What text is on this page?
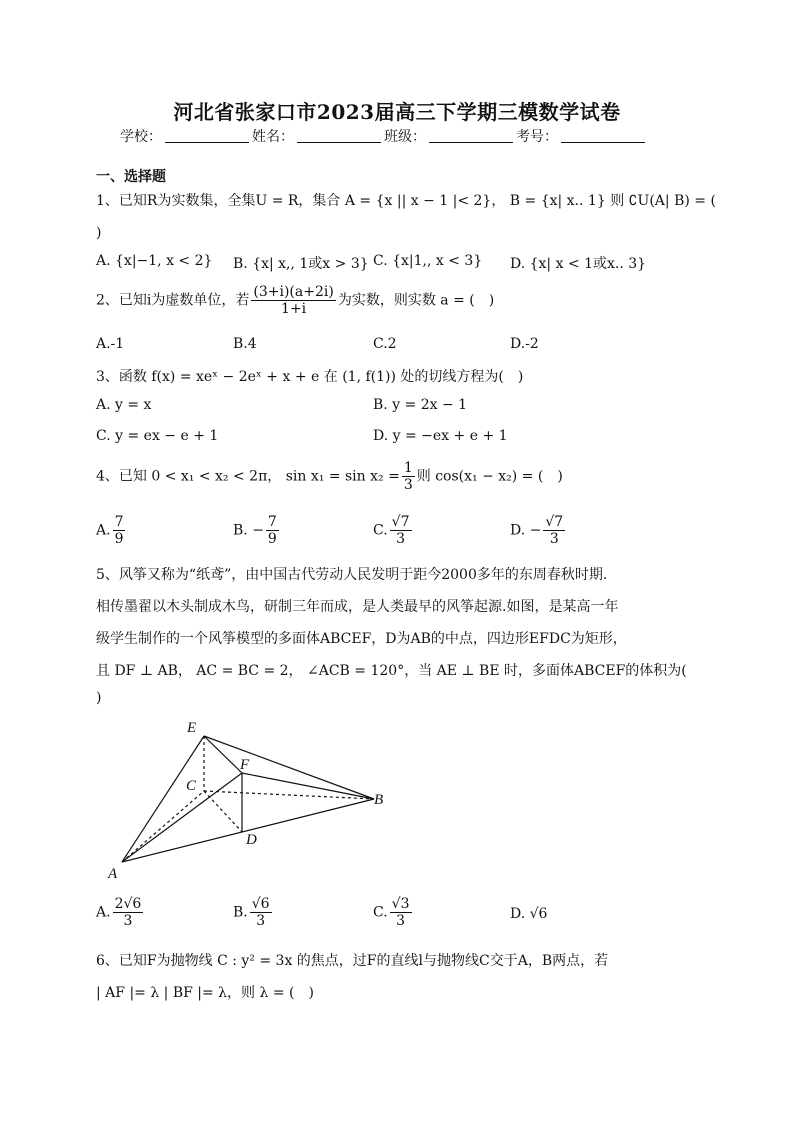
河北省张家口市2023届高三下学期三模数学试卷
学校：	姓名：	班级：	考号：
一、选择题
1、已知R为实数集，全集U = R，集合 A = {x || x − 1 |< 2}， B = {x| x.. 1} 则 ∁U(A| B) = (
)
A. {x|−1, x < 2} B. {x| x,, 1或x > 3} C. {x|1,, x < 3} D. {x| x < 1或x.. 3}
2、已知i为虚数单位，若 $\frac{(3+i)(a+2i)}{1+i}$ 为实数，则实数 a = (　)
A.-1	B.4	C.2	D.-2
3、函数 f(x) = xeˣ − 2eˣ + x + e 在 (1, f(1)) 处的切线方程为(　)
A. y = x	B. y = 2x − 1
C. y = ex − e + 1	D. y = −ex + e + 1
4、已知 0 < x₁ < x₂ < 2π， $\sin x_1 = \sin x_2 = \frac{1}{3}$ 则 cos(x₁ − x₂) = (　)
A. $\frac{7}{9}$	B. − $\frac{7}{9}$	C. $\frac{√7}{3}$	D. − $\frac{√7}{3}$
5、风筝又称为“纸鸢”，由中国古代劳动人民发明于距今2000多年的东周春秋时期.
相传墨翟以木头制成木鸟，研制三年而成，是人类最早的风筝起源.如图，是某高一年
级学生制作的一个风筝模型的多面体ABCEF，D为AB的中点，四边形EFDC为矩形，
且 DF ⊥ AB， AC = BC = 2， ∠ACB = 120°，当 AE ⊥ BE 时，多面体ABCEF的体积为(
)
E
F
C
B
D
A
A. $\frac{2√6}{3}$	B. $\frac{√6}{3}$	C. $\frac{√3}{3}$	D. √6
6、已知F为抛物线 C : y² = 3x 的焦点，过F的直线l与抛物线C交于A，B两点，若
| AF |= λ | BF |= λ，则 λ = (　)
